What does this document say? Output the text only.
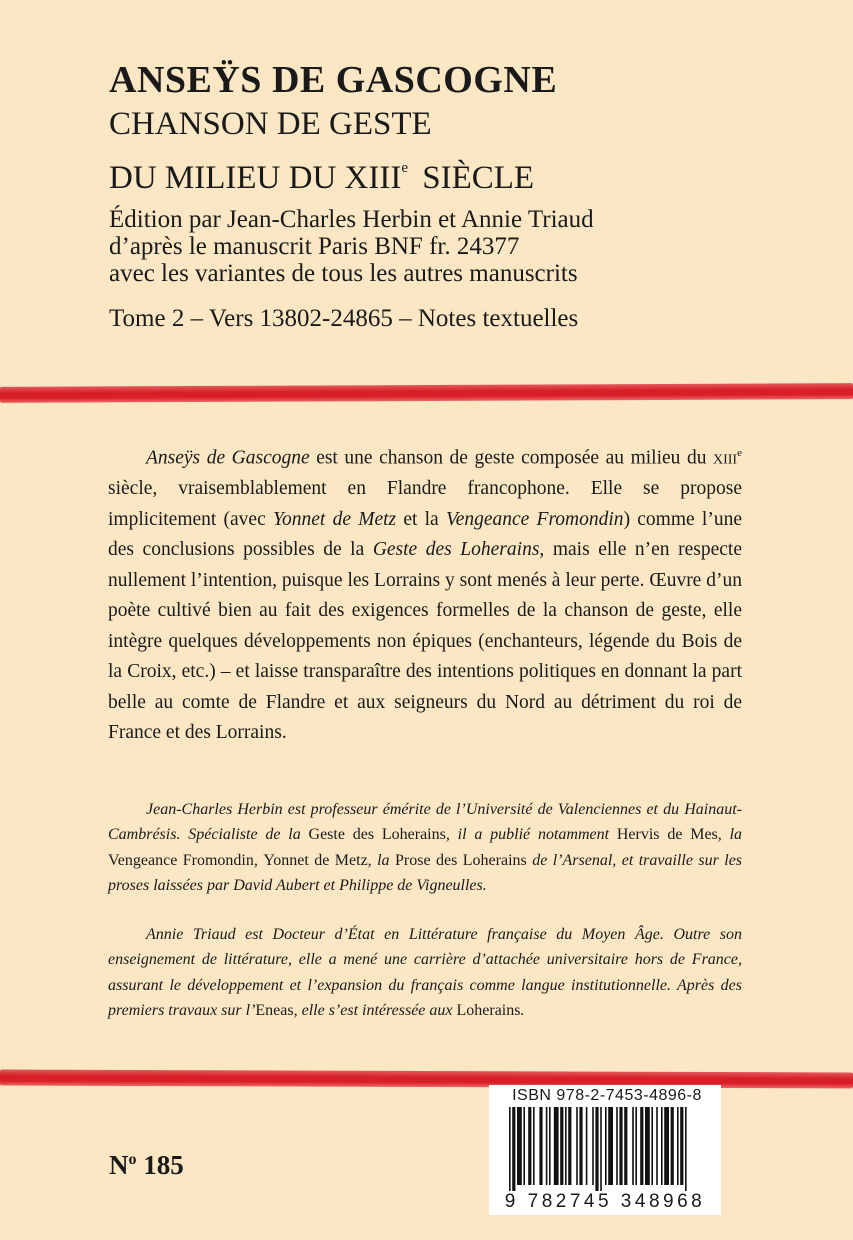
ANSEŸS DE GASCOGNE
CHANSON DE GESTE
DU MILIEU DU XIIIe SIÈCLE
Édition par Jean-Charles Herbin et Annie Triaud
d’après le manuscrit Paris BNF fr. 24377
avec les variantes de tous les autres manuscrits
Tome 2 – Vers 13802-24865 – Notes textuelles

Anseÿs de Gascogne est une chanson de geste composée au milieu du xiii$^e$ siècle, vraisemblablement en Flandre francophone. Elle se propose implicitement (avec Yonnet de Metz et la Vengeance Fromondin) comme l’une des conclusions possibles de la Geste des Loherains, mais elle n’en respecte nullement l’intention, puisque les Lorrains y sont menés à leur perte. Œuvre d’un poète cultivé bien au fait des exigences formelles de la chanson de geste, elle intègre quelques développements non épiques (enchanteurs, légende du Bois de la Croix, etc.) – et laisse transparaître des intentions politiques en donnant la part belle au comte de Flandre et aux seigneurs du Nord au détriment du roi de France et des Lorrains.

Jean-Charles Herbin est professeur émérite de l’Université de Valenciennes et du Hainaut-Cambrésis. Spécialiste de la Geste des Loherains, il a publié notamment Hervis de Mes, la Vengeance Fromondin, Yonnet de Metz, la Prose des Loherains de l’Arsenal, et travaille sur les proses laissées par David Aubert et Philippe de Vigneulles.

Annie Triaud est Docteur d’État en Littérature française du Moyen Âge. Outre son enseignement de littérature, elle a mené une carrière d’attachée universitaire hors de France, assurant le développement et l’expansion du français comme langue institutionnelle. Après des premiers travaux sur l’Eneas, elle s’est intéressée aux Loherains.

$N^o$ 185
ISBN 978-2-7453-4896-8
9 782745 348968
